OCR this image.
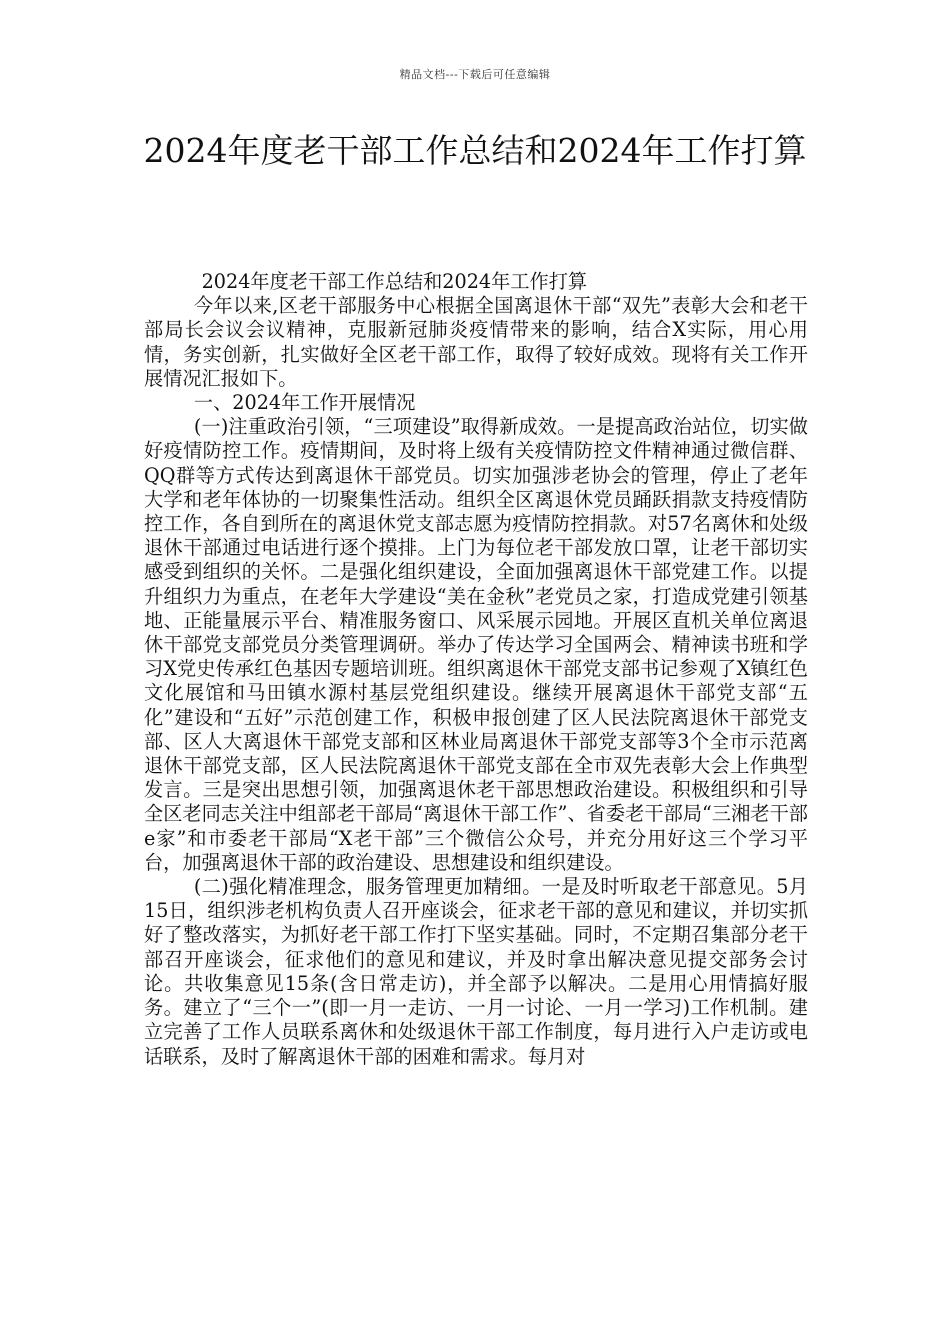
精品文档---下载后可任意编辑
2024年度老干部工作总结和2024年工作打算

2024年度老干部工作总结和2024年工作打算

今年以来,区老干部服务中心根据全国离退休干部“双先”表彰大会和老干部局长会议会议精神，克服新冠肺炎疫情带来的影响，结合X实际，用心用情，务实创新，扎实做好全区老干部工作，取得了较好成效。现将有关工作开展情况汇报如下。

一、2024年工作开展情况

(一)注重政治引领，“三项建设”取得新成效。一是提高政治站位，切实做好疫情防控工作。疫情期间，及时将上级有关疫情防控文件精神通过微信群、QQ群等方式传达到离退休干部党员。切实加强涉老协会的管理，停止了老年大学和老年体协的一切聚集性活动。组织全区离退休党员踊跃捐款支持疫情防控工作，各自到所在的离退休党支部志愿为疫情防控捐款。对57名离休和处级退休干部通过电话进行逐个摸排。上门为每位老干部发放口罩，让老干部切实感受到组织的关怀。二是强化组织建设，全面加强离退休干部党建工作。以提升组织力为重点，在老年大学建设“美在金秋”老党员之家，打造成党建引领基地、正能量展示平台、精准服务窗口、风采展示园地。开展区直机关单位离退休干部党支部党员分类管理调研。举办了传达学习全国两会、精神读书班和学习X党史传承红色基因专题培训班。组织离退休干部党支部书记参观了X镇红色文化展馆和马田镇水源村基层党组织建设。继续开展离退休干部党支部“五化”建设和“五好”示范创建工作，积极申报创建了区人民法院离退休干部党支部、区人大离退休干部党支部和区林业局离退休干部党支部等3个全市示范离退休干部党支部，区人民法院离退休干部党支部在全市双先表彰大会上作典型发言。三是突出思想引领，加强离退休老干部思想政治建设。积极组织和引导全区老同志关注中组部老干部局“离退休干部工作”、省委老干部局“三湘老干部e家”和市委老干部局“X老干部”三个微信公众号，并充分用好这三个学习平台，加强离退休干部的政治建设、思想建设和组织建设。

(二)强化精准理念，服务管理更加精细。一是及时听取老干部意见。5月15日，组织涉老机构负责人召开座谈会，征求老干部的意见和建议，并切实抓好了整改落实，为抓好老干部工作打下坚实基础。同时，不定期召集部分老干部召开座谈会，征求他们的意见和建议，并及时拿出解决意见提交部务会讨论。共收集意见15条(含日常走访)，并全部予以解决。二是用心用情搞好服务。建立了“三个一”(即一月一走访、一月一讨论、一月一学习)工作机制。建立完善了工作人员联系离休和处级退休干部工作制度，每月进行入户走访或电话联系，及时了解离退休干部的困难和需求。每月对
